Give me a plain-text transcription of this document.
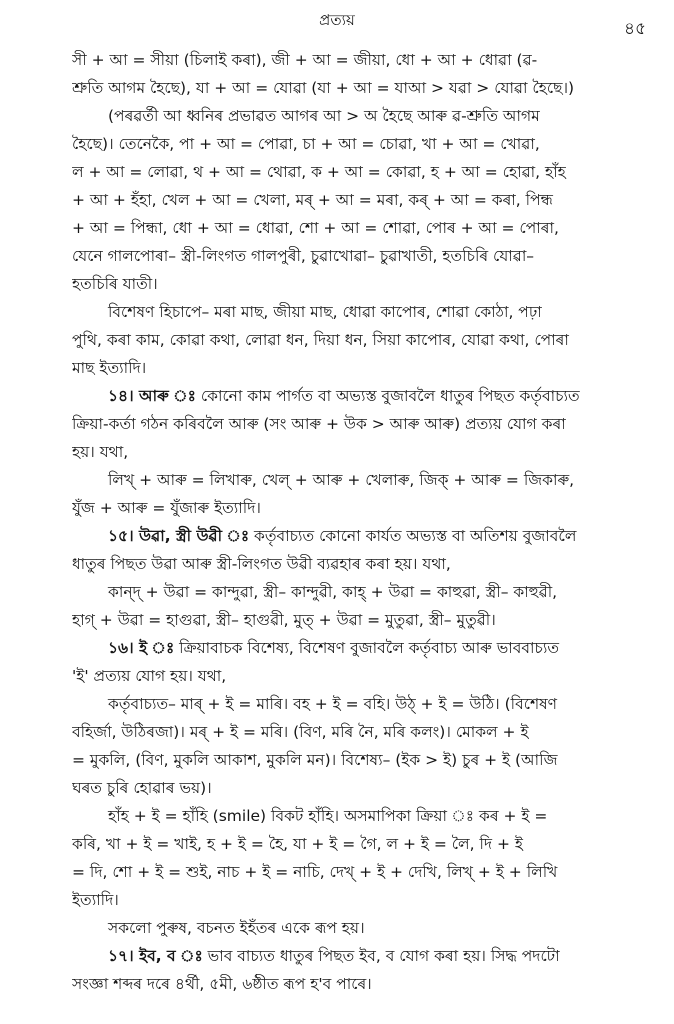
প্ৰত্যয়	৪৫
সী + আ = সীয়া (চিলাই কৰা), জী + আ = জীয়া, ধো + আ + ধোৱা (ৱ-
শ্ৰুতি আগম হৈছে), যা + আ = যোৱা (যা + আ = যাআ > যৱা > যোৱা হৈছে।)
(পৰৱৰ্তী আ ধ্বনিৰ প্ৰভাৱত আগৰ আ > অ হৈছে আৰু ৱ-শ্ৰুতি আগম
হৈছে)। তেনেকৈ, পা + আ = পোৱা, চা + আ = চোৱা, খা + আ = খোৱা,
ল + আ = লোৱা, থ + আ = থোৱা, ক + আ = কোৱা, হ + আ = হোৱা, হাঁহ
+ আ + হঁহা, খেল + আ = খেলা, মৰ্ + আ = মৰা, কৰ্ + আ = কৰা, পিন্ধ
+ আ = পিন্ধা, ধো + আ = ধোৱা, শো + আ = শোৱা, পোৰ + আ = পোৰা,
যেনে গালপোৰা– স্ত্ৰী-লিংগত গালপুৰী, চুৱাখোৱা– চুৱাখাতী, হতচিৰি যোৱা–
হতচিৰি যাতী।
বিশেষণ হিচাপে– মৰা মাছ, জীয়া মাছ, ধোৱা কাপোৰ, শোৱা কোঠা, পঢ়া
পুথি, কৰা কাম, কোৱা কথা, লোৱা ধন, দিয়া ধন, সিয়া কাপোৰ, যোৱা কথা, পোৰা
মাছ ইত্যাদি।
১৪। আৰু ঃ কোনো কাম পাৰ্গত বা অভ্যস্ত বুজাবলৈ ধাতুৰ পিছত কৰ্তৃবাচ্যত
ক্ৰিয়া-কৰ্তা গঠন কৰিবলৈ আৰু (সং আৰু + উক > আৰু আৰু) প্ৰত্যয় যোগ কৰা
হয়। যথা,
লিখ্ + আৰু = লিখাৰু, খেল্ + আৰু + খেলাৰু, জিক্ + আৰু = জিকাৰু,
যুঁজ + আৰু = যুঁজাৰু ইত্যাদি।
১৫। উৱা, স্ত্ৰী উৱী ঃ কৰ্তৃবাচ্যত কোনো কাৰ্যত অভ্যস্ত বা অতিশয় বুজাবলৈ
ধাতুৰ পিছত উৱা আৰু স্ত্ৰী-লিংগত উৱী ব্যৱহাৰ কৰা হয়। যথা,
কান্দ্ + উৱা = কান্দুৱা, স্ত্ৰী– কান্দুৱী, কাহ্ + উৱা = কাহুৱা, স্ত্ৰী– কাহুৱী,
হাগ্ + উৱা = হাগুৱা, স্ত্ৰী– হাগুৱী, মুত্ + উৱা = মুতুৱা, স্ত্ৰী– মুতুৱী।
১৬। ই ঃ ক্ৰিয়াবাচক বিশেষ্য, বিশেষণ বুজাবলৈ কৰ্তৃবাচ্য আৰু ভাববাচ্যত
'ই' প্ৰত্যয় যোগ হয়। যথা,
কৰ্তৃবাচ্যত– মাৰ্ + ই = মাৰি। বহ + ই = বহি। উঠ্ + ই = উঠি। (বিশেষণ
বহিৰ্জা, উঠিৰজা)। মৰ্ + ই = মৰি। (বিণ, মৰি নৈ, মৰি কলং)। মোকল + ই
= মুকলি, (বিণ, মুকলি আকাশ, মুকলি মন)। বিশেষ্য– (ইক > ই) চুৰ + ই (আজি
ঘৰত চুৰি হোৱাৰ ভয়)।
হাঁহ + ই = হাঁহি (smile) বিকট হাঁহি। অসমাপিকা ক্ৰিয়া ঃ কৰ + ই =
কৰি, খা + ই = খাই, হ + ই = হৈ, যা + ই = গৈ, ল + ই = লৈ, দি + ই
= দি, শো + ই = শুই, নাচ + ই = নাচি, দেখ্ + ই + দেখি, লিখ্ + ই + লিখি
ইত্যাদি।
সকলো পুৰুষ, বচনত ইহঁতৰ একে ৰূপ হয়।
১৭। ইব, ব ঃ ভাব বাচ্যত ধাতুৰ পিছত ইব, ব যোগ কৰা হয়। সিদ্ধ পদটো
সংজ্ঞা শব্দৰ দৰে ৪ৰ্থী, ৫মী, ৬ষ্ঠীত ৰূপ হ'ব পাৰে।
